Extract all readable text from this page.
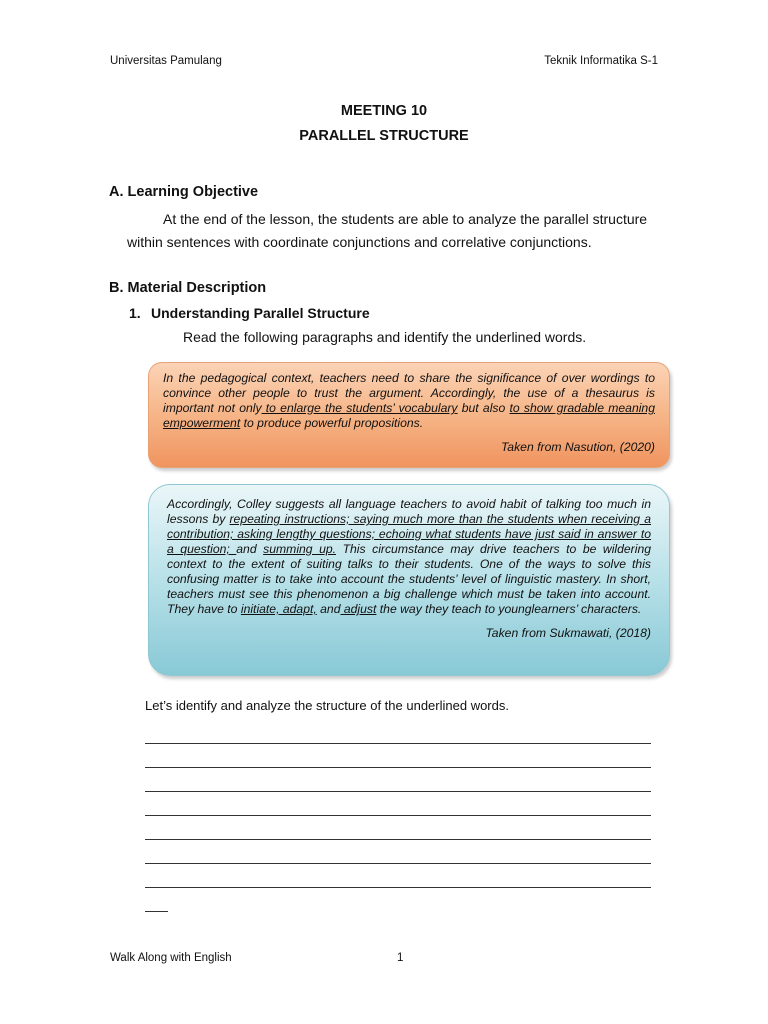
Universitas Pamulang	Teknik Informatika S-1
MEETING 10
PARALLEL STRUCTURE
A. Learning Objective
At the end of the lesson, the students are able to analyze the parallel structure within sentences with coordinate conjunctions and correlative conjunctions.
B. Material Description
1. Understanding Parallel Structure
Read the following paragraphs and identify the underlined words.

In the pedagogical context, teachers need to share the significance of over wordings to convince other people to trust the argument. Accordingly, the use of a thesaurus is important not only to enlarge the students’ vocabulary but also to show gradable meaning empowerment to produce powerful propositions.

Taken from Nasution, (2020)

Accordingly, Colley suggests all language teachers to avoid habit of talking too much in lessons by repeating instructions; saying much more than the students when receiving a contribution; asking lengthy questions; echoing what students have just said in answer to a question; and summing up. This circumstance may drive teachers to be wildering context to the extent of suiting talks to their students. One of the ways to solve this confusing matter is to take into account the students’ level of linguistic mastery. In short, teachers must see this phenomenon a big challenge which must be taken into account. They have to initiate, adapt, and adjust the way they teach to younglearners’ characters.

Taken from Sukmawati, (2018)

Let’s identify and analyze the structure of the underlined words.
Walk Along with English	1
